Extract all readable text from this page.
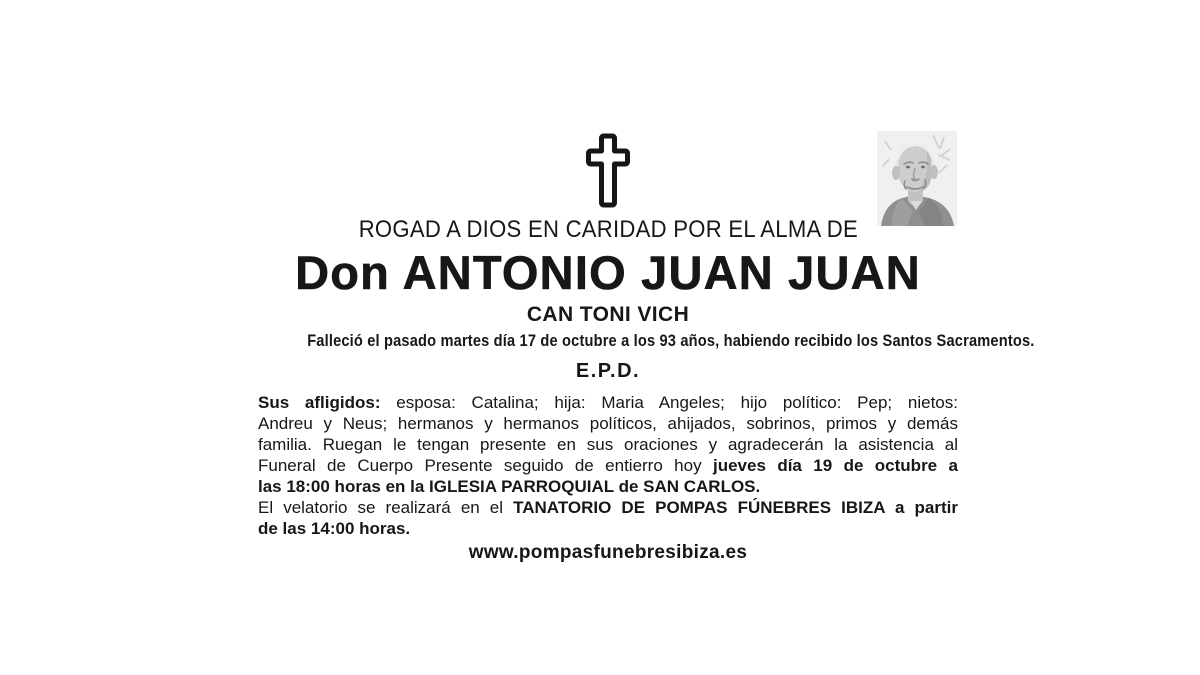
ROGAD A DIOS EN CARIDAD POR EL ALMA DE
Don ANTONIO JUAN JUAN
CAN TONI VICH
Falleció el pasado martes día 17 de octubre a los 93 años, habiendo recibido los Santos Sacramentos.
E.P.D.
Sus afligidos: esposa: Catalina; hija: Maria Angeles; hijo político: Pep; nietos:
Andreu y Neus; hermanos y hermanos políticos, ahijados, sobrinos, primos y demás
familia. Ruegan le tengan presente en sus oraciones y agradecerán la asistencia al
Funeral de Cuerpo Presente seguido de entierro hoy jueves día 19 de octubre a
las 18:00 horas en la IGLESIA PARROQUIAL de SAN CARLOS.
El velatorio se realizará en el TANATORIO DE POMPAS FÚNEBRES IBIZA a partir
de las 14:00 horas.
www.pompasfunebresibiza.es
